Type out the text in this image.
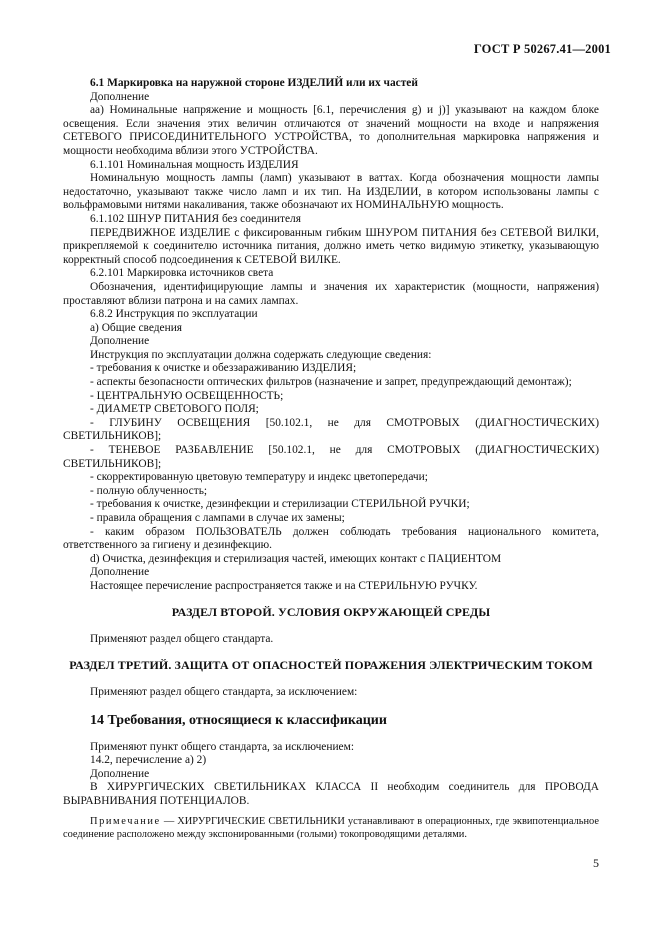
ГОСТ Р 50267.41—2001

6.1 Маркировка на наружной стороне ИЗДЕЛИЙ или их частей

Дополнение

аа) Номинальные напряжение и мощность [6.1, перечисления g) и j)] указывают на каждом блоке освещения. Если значения этих величин отличаются от значений мощности на входе и напряжения СЕТЕВОГО ПРИСОЕДИНИТЕЛЬНОГО УСТРОЙСТВА, то дополнительная маркировка напряжения и мощности необходима вблизи этого УСТРОЙСТВА.

6.1.101 Номинальная мощность ИЗДЕЛИЯ

Номинальную мощность лампы (ламп) указывают в ваттах. Когда обозначения мощности лампы недостаточно, указывают также число ламп и их тип. На ИЗДЕЛИИ, в котором использованы лампы с вольфрамовыми нитями накаливания, также обозначают их НОМИНАЛЬНУЮ мощность.

6.1.102 ШНУР ПИТАНИЯ без соединителя

ПЕРЕДВИЖНОЕ ИЗДЕЛИЕ с фиксированным гибким ШНУРОМ ПИТАНИЯ без СЕТЕВОЙ ВИЛКИ, прикрепляемой к соединителю источника питания, должно иметь четко видимую этикетку, указывающую корректный способ подсоединения к СЕТЕВОЙ ВИЛКЕ.

6.2.101 Маркировка источников света

Обозначения, идентифицирующие лампы и значения их характеристик (мощности, напряжения) проставляют вблизи патрона и на самих лампах.

6.8.2 Инструкция по эксплуатации

а) Общие сведения

Дополнение

Инструкция по эксплуатации должна содержать следующие сведения:

- требования к очистке и обеззараживанию ИЗДЕЛИЯ;

- аспекты безопасности оптических фильтров (назначение и запрет, предупреждающий демонтаж);

- ЦЕНТРАЛЬНУЮ ОСВЕЩЕННОСТЬ;

- ДИАМЕТР СВЕТОВОГО ПОЛЯ;

- ГЛУБИНУ ОСВЕЩЕНИЯ [50.102.1, не для СМОТРОВЫХ (ДИАГНОСТИЧЕСКИХ) СВЕТИЛЬНИКОВ];

- ТЕНЕВОЕ РАЗБАВЛЕНИЕ [50.102.1, не для СМОТРОВЫХ (ДИАГНОСТИЧЕСКИХ) СВЕТИЛЬНИКОВ];

- скорректированную цветовую температуру и индекс цветопередачи;

- полную облученность;

- требования к очистке, дезинфекции и стерилизации СТЕРИЛЬНОЙ РУЧКИ;

- правила обращения с лампами в случае их замены;

- каким образом ПОЛЬЗОВАТЕЛЬ должен соблюдать требования национального комитета, ответственного за гигиену и дезинфекцию.

d) Очистка, дезинфекция и стерилизация частей, имеющих контакт с ПАЦИЕНТОМ

Дополнение

Настоящее перечисление распространяется также и на СТЕРИЛЬНУЮ РУЧКУ.

РАЗДЕЛ ВТОРОЙ. УСЛОВИЯ ОКРУЖАЮЩЕЙ СРЕДЫ

Применяют раздел общего стандарта.

РАЗДЕЛ ТРЕТИЙ. ЗАЩИТА ОТ ОПАСНОСТЕЙ ПОРАЖЕНИЯ ЭЛЕКТРИЧЕСКИМ ТОКОМ

Применяют раздел общего стандарта, за исключением:

14 Требования, относящиеся к классификации

Применяют пункт общего стандарта, за исключением:

14.2, перечисление а) 2)

Дополнение

В ХИРУРГИЧЕСКИХ СВЕТИЛЬНИКАХ КЛАССА II необходим соединитель для ПРОВОДА ВЫРАВНИВАНИЯ ПОТЕНЦИАЛОВ.

Примечание — ХИРУРГИЧЕСКИЕ СВЕТИЛЬНИКИ устанавливают в операционных, где эквипотенциальное соединение расположено между экспонированными (голыми) токопроводящими деталями.

5
